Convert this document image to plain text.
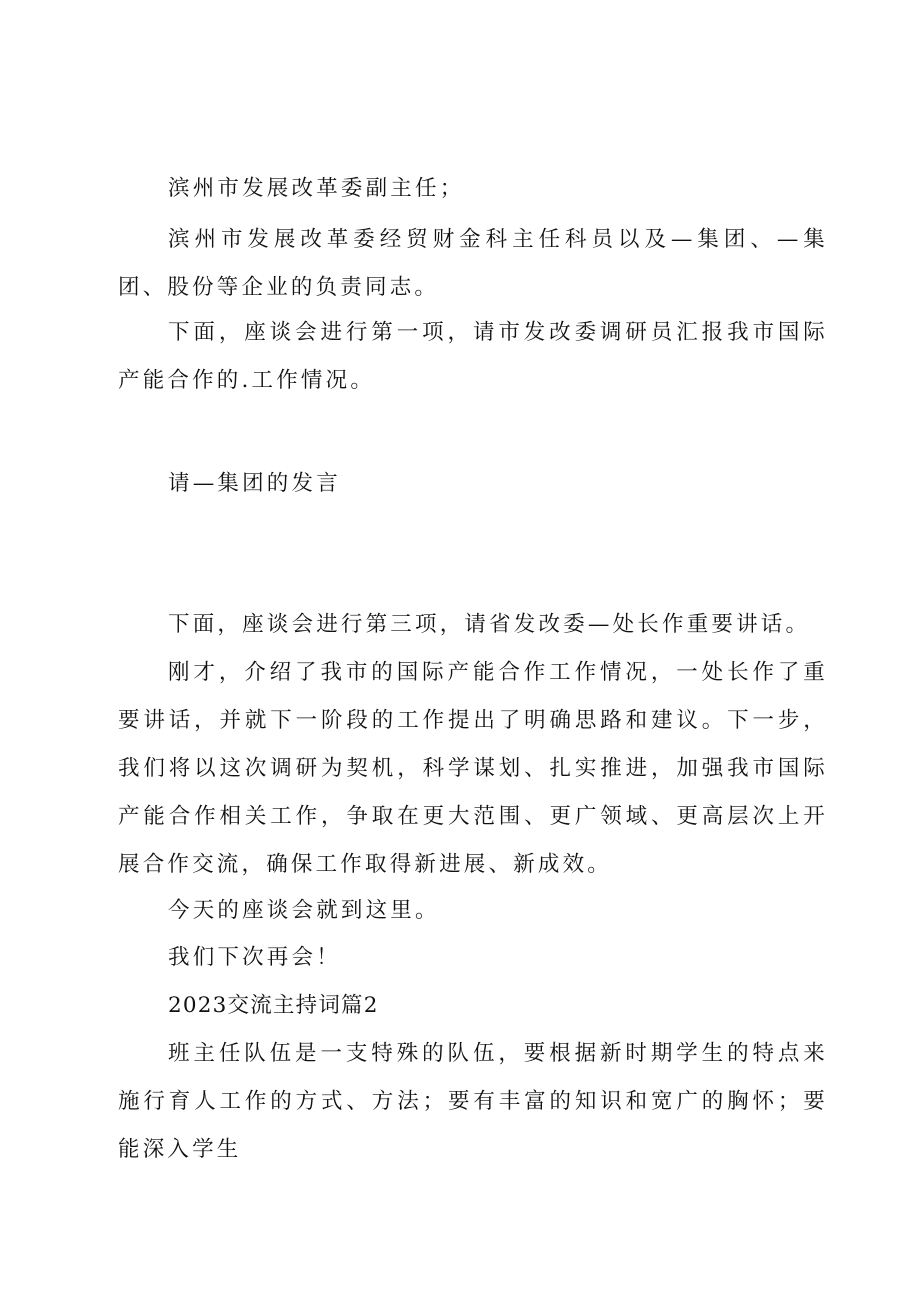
滨州市发展改革委副主任；

滨州市发展改革委经贸财金科主任科员以及—集团、—集团、股份等企业的负责同志。

下面，座谈会进行第一项，请市发改委调研员汇报我市国际产能合作的.工作情况。

请—集团的发言

下面，座谈会进行第三项，请省发改委—处长作重要讲话。

刚才，介绍了我市的国际产能合作工作情况，一处长作了重要讲话，并就下一阶段的工作提出了明确思路和建议。下一步，我们将以这次调研为契机，科学谋划、扎实推进，加强我市国际产能合作相关工作，争取在更大范围、更广领域、更高层次上开展合作交流，确保工作取得新进展、新成效。

今天的座谈会就到这里。

我们下次再会！

2023交流主持词篇2

班主任队伍是一支特殊的队伍，要根据新时期学生的特点来施行育人工作的方式、方法；要有丰富的知识和宽广的胸怀；要能深入学生
